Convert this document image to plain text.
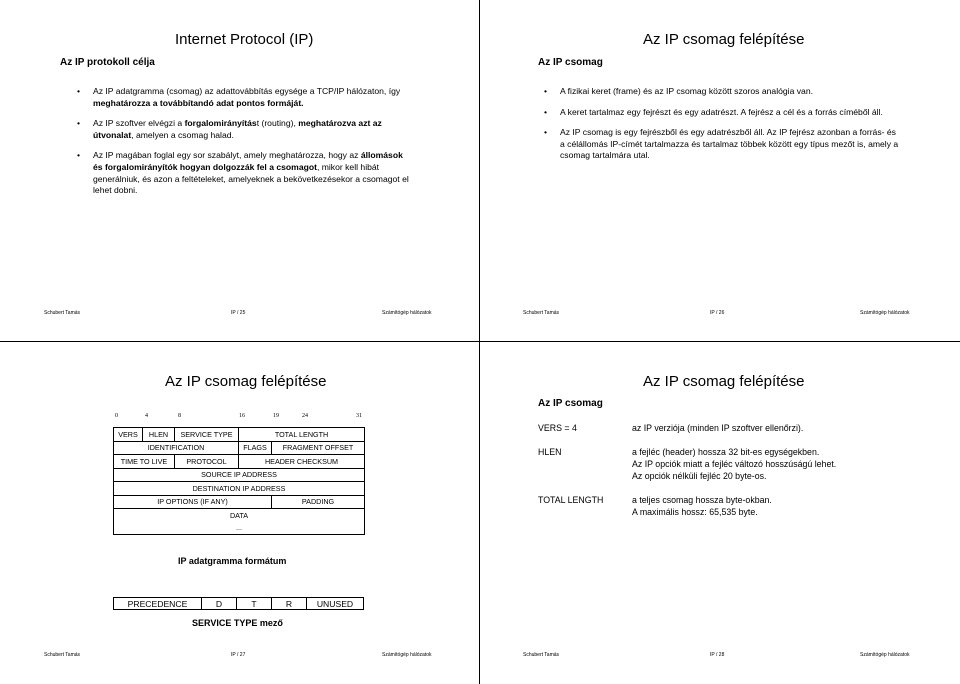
Internet Protocol (IP)
Az IP protokoll célja
• Az IP adatgramma (csomag) az adattovábbítás egysége a TCP/IP hálózaton, így meghatározza a továbbítandó adat pontos formáját.
• Az IP szoftver elvégzi a forgalomirányítást (routing), meghatározva azt az útvonalat, amelyen a csomag halad.
• Az IP magában foglal egy sor szabályt, amely meghatározza, hogy az állomások és forgalomirányítók hogyan dolgozzák fel a csomagot, mikor kell hibát generálniuk, és azon a feltételeket, amelyeknek a bekövetkezésekor a csomagot el lehet dobni.
Schubert Tamás	IP / 25	Számítógép hálózatok
Az IP csomag felépítése
Az IP csomag
• A fizikai keret (frame) és az IP csomag között szoros analógia van.
• A keret tartalmaz egy fejrészt és egy adatrészt. A fejrész a cél és a forrás címéből áll.
• Az IP csomag is egy fejrészből és egy adatrészből áll. Az IP fejrész azonban a forrás- és a célállomás IP-címét tartalmazza és tartalmaz többek között egy típus mezőt is, amely a csomag tartalmára utal.
Schubert Tamás	IP / 26	Számítógép hálózatok
Az IP csomag felépítése
0	4	8	16	19	24	31
VERS	HLEN	SERVICE TYPE	TOTAL LENGTH	
IDENTIFICATION			FLAGS	FRAGMENT OFFSET
TIME TO LIVE		PROTOCOL	HEADER CHECKSUM	
SOURCE IP ADDRESS				
DESTINATION IP ADDRESS				
IP OPTIONS (IF ANY)				PADDING
DATA				
...				
IP adatgramma formátum
PRECEDENCE	D	T	R	UNUSED
SERVICE TYPE mező
Schubert Tamás	IP / 27	Számítógép hálózatok
Az IP csomag felépítése
Az IP csomag
VERS = 4	az IP verziója (minden IP szoftver ellenőrzi).
HLEN	a fejléc (header) hossza 32 bit-es egységekben.
Az IP opciók miatt a fejléc változó hosszúságú lehet.
Az opciók nélküli fejléc 20 byte-os.
TOTAL LENGTH	a teljes csomag hossza byte-okban.
A maximális hossz: 65,535 byte.
Schubert Tamás	IP / 28	Számítógép hálózatok
